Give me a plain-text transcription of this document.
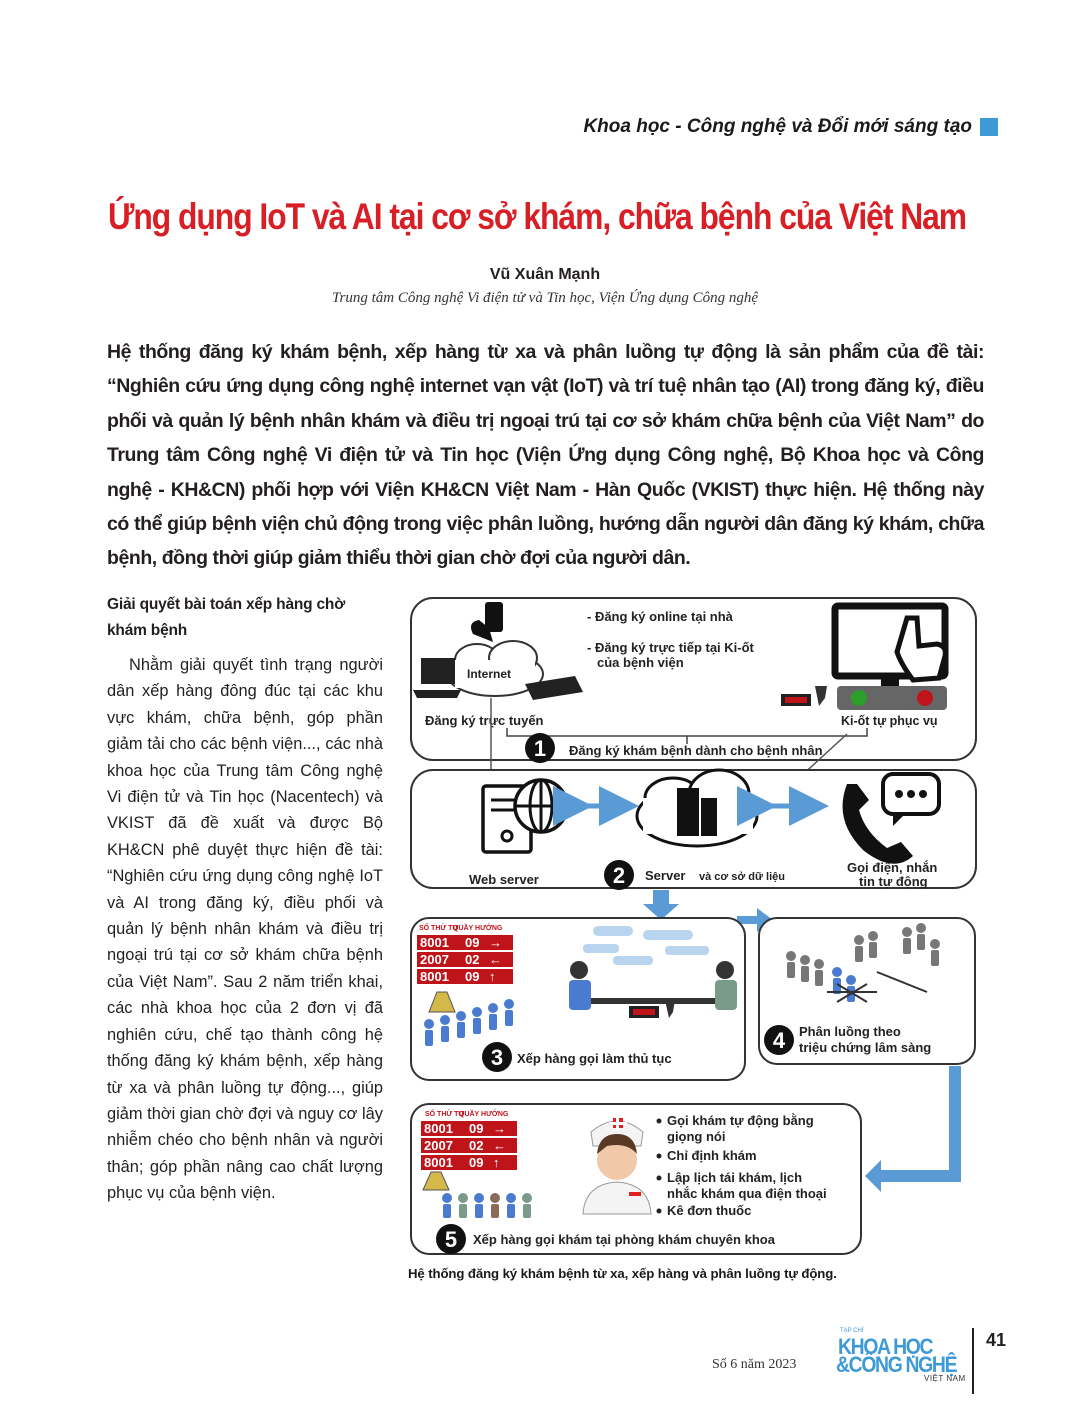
Khoa học - Công nghệ và Đổi mới sáng tạo
Ứng dụng IoT và AI tại cơ sở khám, chữa bệnh của Việt Nam
Vũ Xuân Mạnh
Trung tâm Công nghệ Vi điện tử và Tin học, Viện Ứng dụng Công nghệ

Hệ thống đăng ký khám bệnh, xếp hàng từ xa và phân luồng tự động là sản phẩm của đề tài: “Nghiên cứu ứng dụng công nghệ internet vạn vật (IoT) và trí tuệ nhân tạo (AI) trong đăng ký, điều phối và quản lý bệnh nhân khám và điều trị ngoại trú tại cơ sở khám chữa bệnh của Việt Nam” do Trung tâm Công nghệ Vi điện tử và Tin học (Viện Ứng dụng Công nghệ, Bộ Khoa học và Công nghệ - KH&CN) phối hợp với Viện KH&CN Việt Nam - Hàn Quốc (VKIST) thực hiện. Hệ thống này có thể giúp bệnh viện chủ động trong việc phân luồng, hướng dẫn người dân đăng ký khám, chữa bệnh, đồng thời giúp giảm thiểu thời gian chờ đợi của người dân.

Giải quyết bài toán xếp hàng chờ khám bệnh

Nhằm giải quyết tình trạng người dân xếp hàng đông đúc tại các khu vực khám, chữa bệnh, góp phần giảm tải cho các bệnh viện..., các nhà khoa học của Trung tâm Công nghệ Vi điện tử và Tin học (Nacentech) và VKIST đã đề xuất và được Bộ KH&CN phê duyệt thực hiện đề tài: “Nghiên cứu ứng dụng công nghệ IoT và AI trong đăng ký, điều phối và quản lý bệnh nhân khám và điều trị ngoại trú tại cơ sở khám chữa bệnh của Việt Nam”. Sau 2 năm triển khai, các nhà khoa học của 2 đơn vị đã nghiên cứu, chế tạo thành công hệ thống đăng ký khám bệnh, xếp hàng từ xa và phân luồng tự động..., giúp giảm thời gian chờ đợi và nguy cơ lây nhiễm chéo cho bệnh nhân và người thân; góp phần nâng cao chất lượng phục vụ của bệnh viện.

- Đăng ký online tại nhà
- Đăng ký trực tiếp tại Ki-ốt
của bệnh viện
Internet
Đăng ký trực tuyến	Ki-ốt tự phục vụ
1 Đăng ký khám bệnh dành cho bệnh nhân
Web server
Gọi điện, nhắn
tin tự động
2 Server và cơ sở dữ liệu
SỐ THỨ TỰ
QUẦY HƯỚNG
8001 09 →
2007 02 ←
8001 09 ↑
3 Xếp hàng gọi làm thủ tục
4 Phân luồng theo
triệu chứng lâm sàng
SỐ THỨ TỰ
QUẦY HƯỚNG
8001 09 →
2007 02 ←
8001 09 ↑
Gọi khám tự động bằng
giọng nói
Chỉ định khám
Lập lịch tái khám, lịch
nhắc khám qua điện thoại
Kê đơn thuốc
5 Xếp hàng gọi khám tại phòng khám chuyên khoa
Hệ thống đăng ký khám bệnh từ xa, xếp hàng và phân luồng tự động.
Số 6 năm 2023
TẠP CHÍ
KHOA HỌC
&CÔNG NGHỆ
VIỆT NAM
41
